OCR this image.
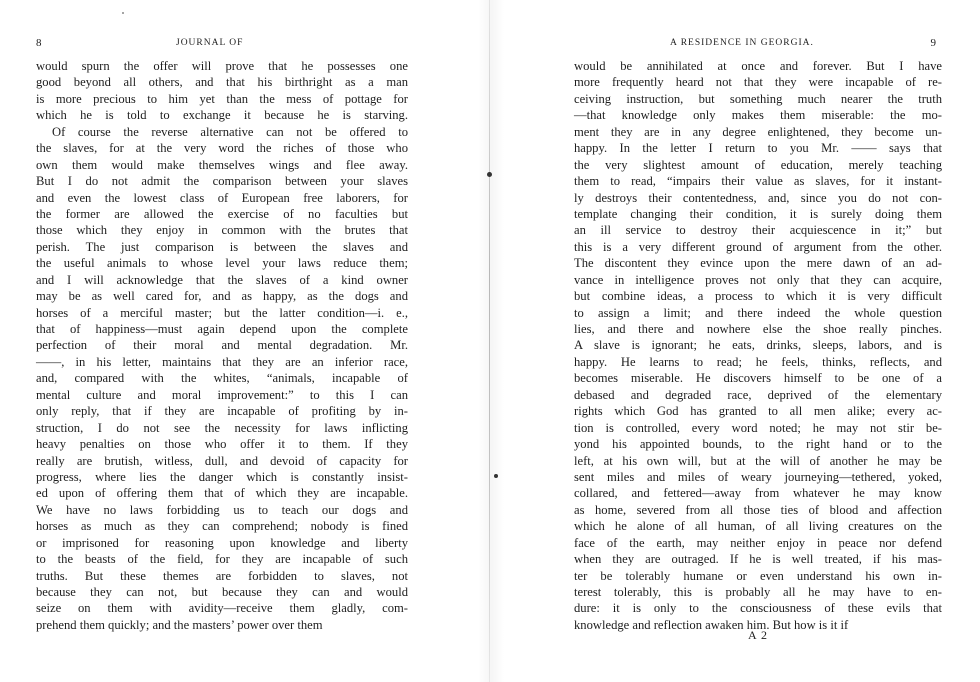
8	JOURNAL OF
would spurn the offer will prove that he possesses one
good beyond all others, and that his birthright as a man
is more precious to him yet than the mess of pottage for
which he is told to exchange it because he is starving.
Of course the reverse alternative can not be offered to
the slaves, for at the very word the riches of those who
own them would make themselves wings and flee away.
But I do not admit the comparison between your slaves
and even the lowest class of European free laborers, for
the former are allowed the exercise of no faculties but
those which they enjoy in common with the brutes that
perish. The just comparison is between the slaves and
the useful animals to whose level your laws reduce them;
and I will acknowledge that the slaves of a kind owner
may be as well cared for, and as happy, as the dogs and
horses of a merciful master; but the latter condition—i. e.,
that of happiness—must again depend upon the complete
perfection of their moral and mental degradation. Mr.
——, in his letter, maintains that they are an inferior race,
and, compared with the whites, “animals, incapable of
mental culture and moral improvement:” to this I can
only reply, that if they are incapable of profiting by in-
struction, I do not see the necessity for laws inflicting
heavy penalties on those who offer it to them. If they
really are brutish, witless, dull, and devoid of capacity for
progress, where lies the danger which is constantly insist-
ed upon of offering them that of which they are incapable.
We have no laws forbidding us to teach our dogs and
horses as much as they can comprehend; nobody is fined
or imprisoned for reasoning upon knowledge and liberty
to the beasts of the field, for they are incapable of such
truths. But these themes are forbidden to slaves, not
because they can not, but because they can and would
seize on them with avidity—receive them gladly, com-
prehend them quickly; and the masters’ power over them
A RESIDENCE IN GEORGIA.	9
would be annihilated at once and forever. But I have
more frequently heard not that they were incapable of re-
ceiving instruction, but something much nearer the truth
—that knowledge only makes them miserable: the mo-
ment they are in any degree enlightened, they become un-
happy. In the letter I return to you Mr. —— says that
the very slightest amount of education, merely teaching
them to read, “impairs their value as slaves, for it instant-
ly destroys their contentedness, and, since you do not con-
template changing their condition, it is surely doing them
an ill service to destroy their acquiescence in it;” but
this is a very different ground of argument from the other.
The discontent they evince upon the mere dawn of an ad-
vance in intelligence proves not only that they can acquire,
but combine ideas, a process to which it is very difficult
to assign a limit; and there indeed the whole question
lies, and there and nowhere else the shoe really pinches.
A slave is ignorant; he eats, drinks, sleeps, labors, and is
happy. He learns to read; he feels, thinks, reflects, and
becomes miserable. He discovers himself to be one of a
debased and degraded race, deprived of the elementary
rights which God has granted to all men alike; every ac-
tion is controlled, every word noted; he may not stir be-
yond his appointed bounds, to the right hand or to the
left, at his own will, but at the will of another he may be
sent miles and miles of weary journeying—tethered, yoked,
collared, and fettered—away from whatever he may know
as home, severed from all those ties of blood and affection
which he alone of all human, of all living creatures on the
face of the earth, may neither enjoy in peace nor defend
when they are outraged. If he is well treated, if his mas-
ter be tolerably humane or even understand his own in-
terest tolerably, this is probably all he may have to en-
dure: it is only to the consciousness of these evils that
knowledge and reflection awaken him. But how is it if
A 2
